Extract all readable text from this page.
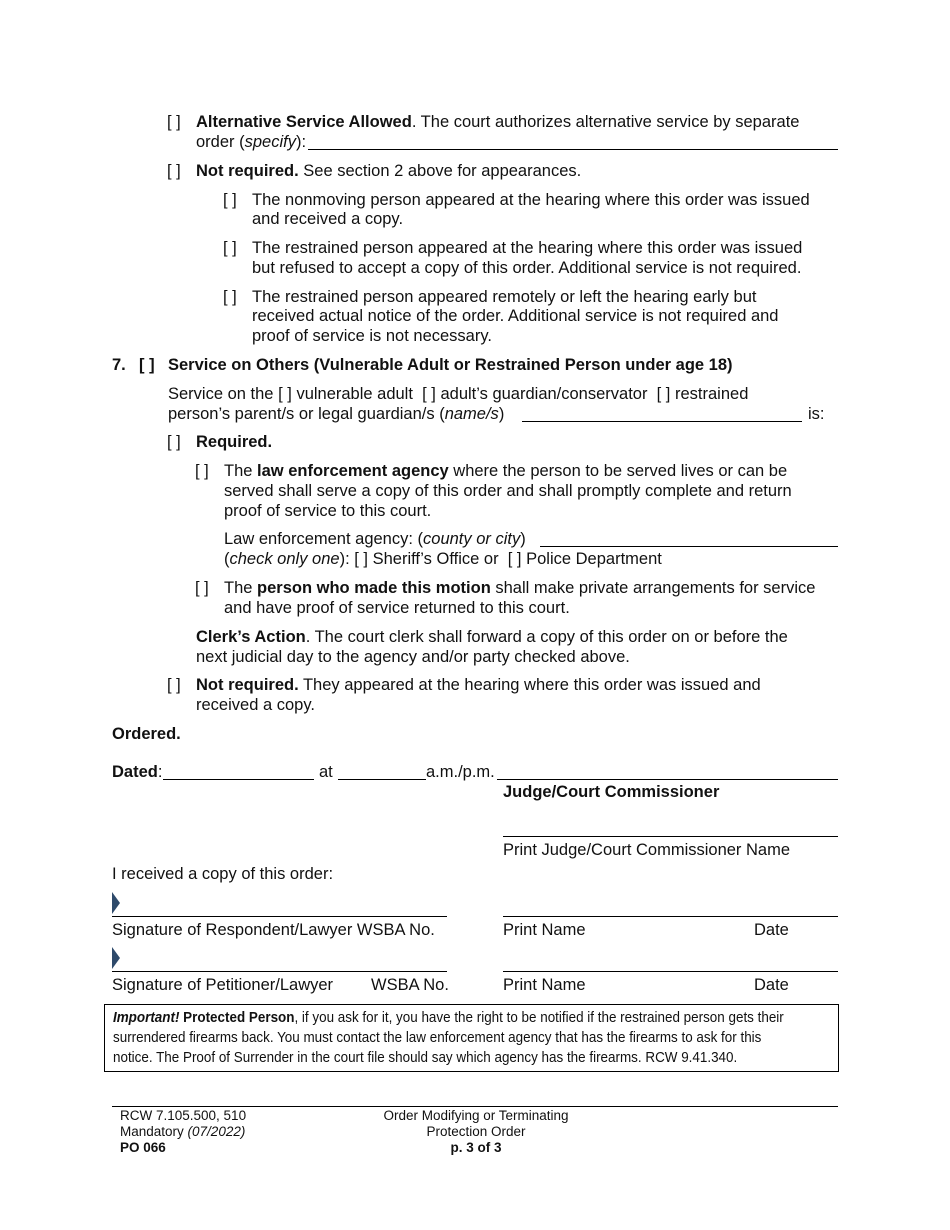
[ ] Alternative Service Allowed. The court authorizes alternative service by separate
order (specify):
[ ] Not required. See section 2 above for appearances.
[ ] The nonmoving person appeared at the hearing where this order was issued
and received a copy.
[ ] The restrained person appeared at the hearing where this order was issued
but refused to accept a copy of this order. Additional service is not required.
[ ] The restrained person appeared remotely or left the hearing early but
received actual notice of the order. Additional service is not required and
proof of service is not necessary.
7. [ ] Service on Others (Vulnerable Adult or Restrained Person under age 18)
Service on the [ ] vulnerable adult [ ] adult’s guardian/conservator [ ] restrained
person’s parent/s or legal guardian/s (name/s)	is:
[ ] Required.
[ ] The law enforcement agency where the person to be served lives or can be
served shall serve a copy of this order and shall promptly complete and return
proof of service to this court.
Law enforcement agency: (county or city)
(check only one): [ ] Sheriff’s Office or [ ] Police Department
[ ] The person who made this motion shall make private arrangements for service
and have proof of service returned to this court.
Clerk’s Action. The court clerk shall forward a copy of this order on or before the
next judicial day to the agency and/or party checked above.
[ ] Not required. They appeared at the hearing where this order was issued and
received a copy.
Ordered.
Dated:	at	a.m./p.m.
Judge/Court Commissioner
Print Judge/Court Commissioner Name
I received a copy of this order:
Signature of Respondent/Lawyer WSBA No.	Print Name	Date
Signature of Petitioner/Lawyer WSBA No.	Print Name	Date
Important! Protected Person, if you ask for it, you have the right to be notified if the restrained person gets their
surrendered firearms back. You must contact the law enforcement agency that has the firearms to ask for this
notice. The Proof of Surrender in the court file should say which agency has the firearms. RCW 9.41.340.
RCW 7.105.500, 510
Mandatory (07/2022)
PO 066
Order Modifying or Terminating
Protection Order
p. 3 of 3
